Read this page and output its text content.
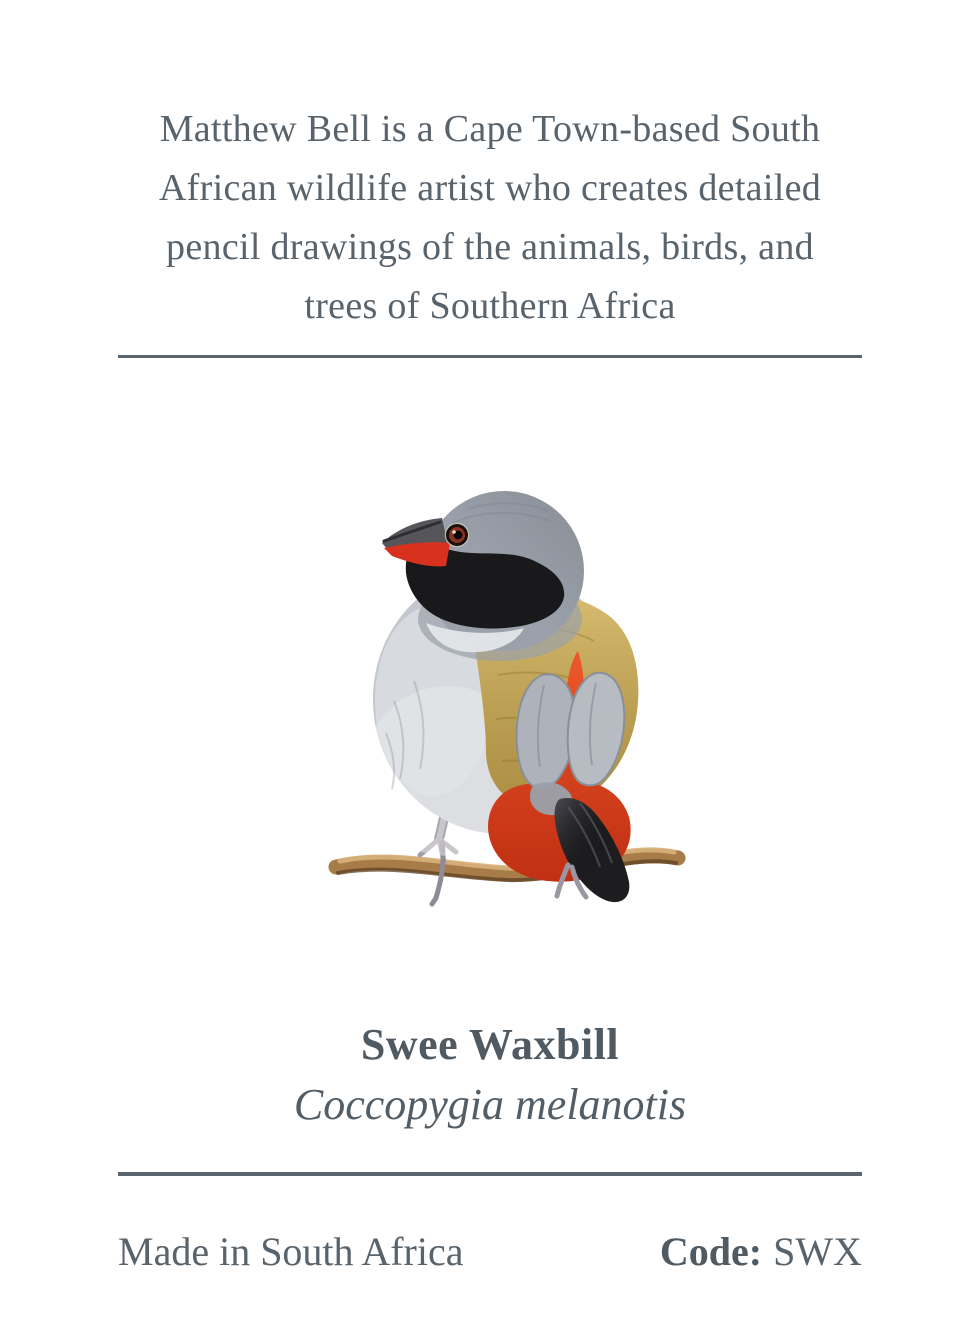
Matthew Bell is a Cape Town-based South
African wildlife artist who creates detailed
pencil drawings of the animals, birds, and
trees of Southern Africa
Swee Waxbill
Coccopygia melanotis
Made in South Africa	Code: SWX
